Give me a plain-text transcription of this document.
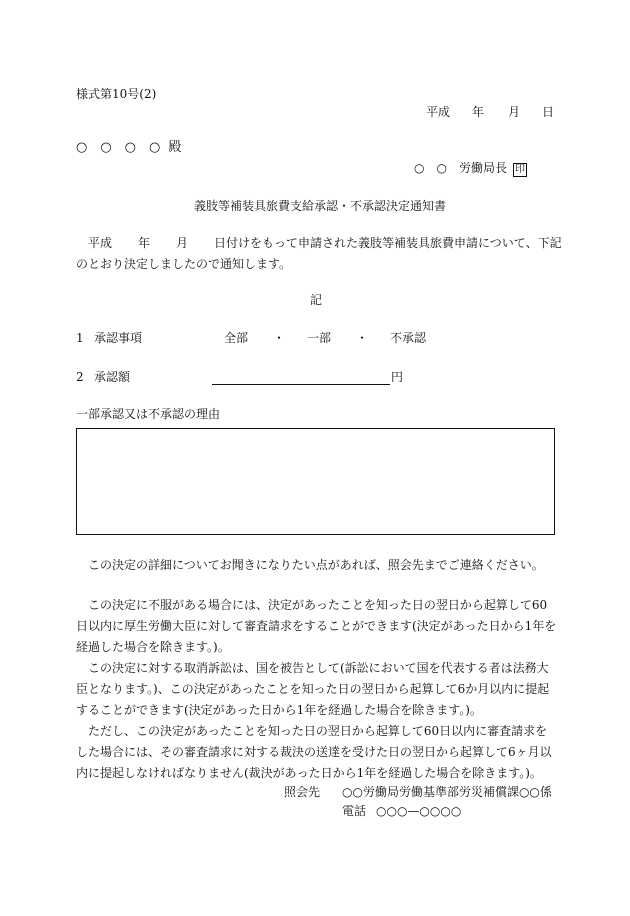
様式第10号(2)
平成 年 月 日
○　○　○　○ 殿
○　○　労働局長 印
義肢等補装具旅費支給承認・不承認決定通知書
平成 年 月 日付けをもって申請された義肢等補装具旅費申請について、下記
のとおり決定しましたので通知します。
記
1 承認事項	全部 ・ 一部 ・ 不承認
2 承認額	円
一部承認又は不承認の理由
この決定の詳細についてお聞きになりたい点があれば、照会先までご連絡ください。

この決定に不服がある場合には、決定があったことを知った日の翌日から起算して60日以内に厚生労働大臣に対して審査請求をすることができます(決定があった日から1年を経過した場合を除きます。)。

この決定に対する取消訴訟は、国を被告として(訴訟において国を代表する者は法務大臣となります。)、この決定があったことを知った日の翌日から起算して6か月以内に提起することができます(決定があった日から1年を経過した場合を除きます。)。

ただし、この決定があったことを知った日の翌日から起算して60日以内に審査請求をした場合には、その審査請求に対する裁決の送達を受けた日の翌日から起算して6ヶ月以内に提起しなければなりません(裁決があった日から1年を経過した場合を除きます。)。

照会先 ○○労働局労働基準部労災補償課○○係
電話 ○○○—○○○○
